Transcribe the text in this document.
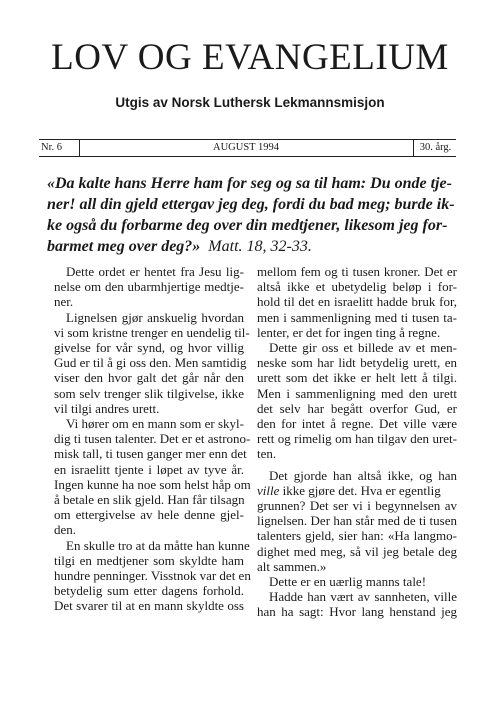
LOV OG EVANGELIUM
Utgis av Norsk Luthersk Lekmannsmisjon
Nr. 6	AUGUST 1994	30. årg.
«Da kalte hans Herre ham for seg og sa til ham: Du onde tje-
ner! all din gjeld ettergav jeg deg, fordi du bad meg; burde ik-
ke også du forbarme deg over din medtjener, likesom jeg for-
barmet meg over deg?» Matt. 18, 32-33.
Dette ordet er hentet fra Jesu lig-
nelse om den ubarmhjertige medtje-
ner.
Lignelsen gjør anskuelig hvordan
vi som kristne trenger en uendelig til-
givelse for vår synd, og hvor villig
Gud er til å gi oss den. Men samtidig
viser den hvor galt det går når den
som selv trenger slik tilgivelse, ikke
vil tilgi andres urett.
Vi hører om en mann som er skyl-
dig ti tusen talenter. Det er et astrono-
misk tall, ti tusen ganger mer enn det
en israelitt tjente i løpet av tyve år.
Ingen kunne ha noe som helst håp om
å betale en slik gjeld. Han får tilsagn
om ettergivelse av hele denne gjel-
den.
En skulle tro at da måtte han kunne
tilgi en medtjener som skyldte ham
hundre penninger. Visstnok var det en
betydelig sum etter dagens forhold.
Det svarer til at en mann skyldte oss
mellom fem og ti tusen kroner. Det er
altså ikke et ubetydelig beløp i for-
hold til det en israelitt hadde bruk for,
men i sammenligning med ti tusen ta-
lenter, er det for ingen ting å regne.
Dette gir oss et billede av et men-
neske som har lidt betydelig urett, en
urett som det ikke er helt lett å tilgi.
Men i sammenligning med den urett
det selv har begått overfor Gud, er
den for intet å regne. Det ville være
rett og rimelig om han tilgav den uret-
ten.
Det gjorde han altså ikke, og han
ville ikke gjøre det. Hva er egentlig
grunnen? Det ser vi i begynnelsen av
lignelsen. Der han står med de ti tusen
talenters gjeld, sier han: «Ha langmo-
dighet med meg, så vil jeg betale deg
alt sammen.»
Dette er en uærlig manns tale!
Hadde han vært av sannheten, ville
han ha sagt: Hvor lang henstand jeg
